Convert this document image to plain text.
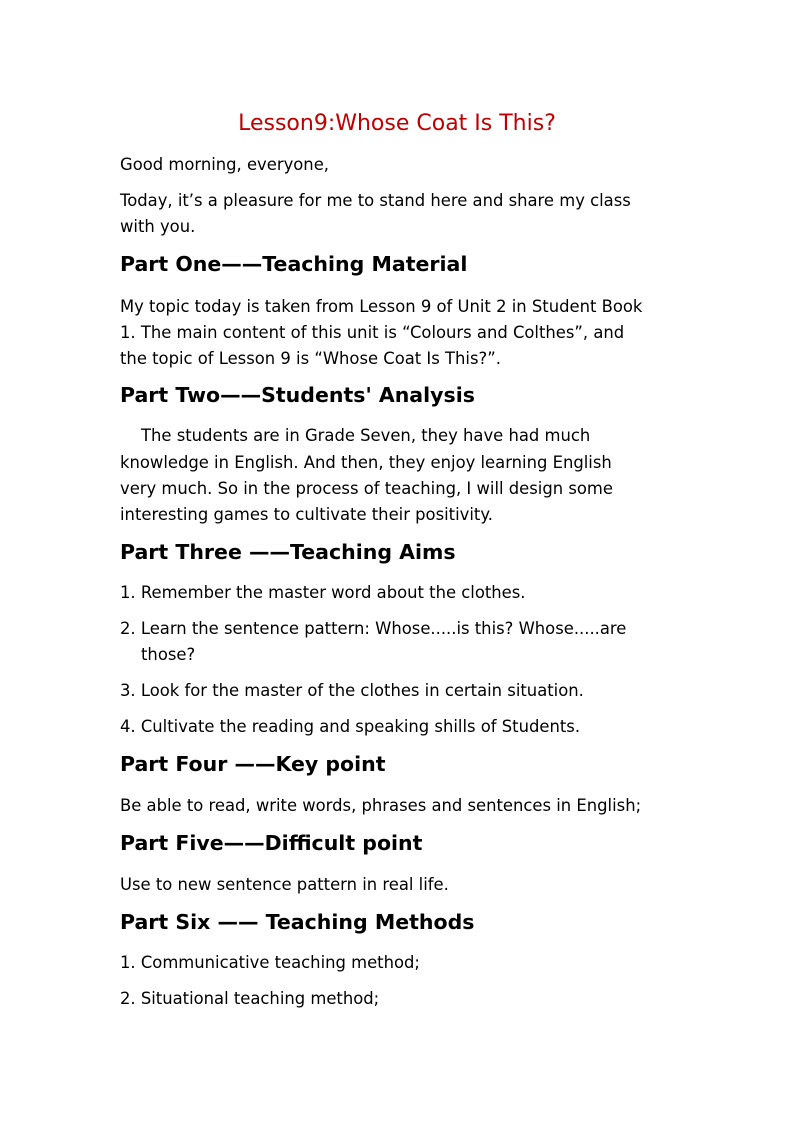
Lesson9:Whose Coat Is This?
Good morning, everyone,
Today, it’s a pleasure for me to stand here and share my class
with you.
Part One——Teaching Material
My topic today is taken from Lesson 9 of Unit 2 in Student Book
1. The main content of this unit is “Colours and Colthes”, and
the topic of Lesson 9 is “Whose Coat Is This?”.
Part Two——Students' Analysis
The students are in Grade Seven, they have had much
knowledge in English. And then, they enjoy learning English
very much. So in the process of teaching, I will design some
interesting games to cultivate their positivity.
Part Three ——Teaching Aims
1. Remember the master word about the clothes.
2. Learn the sentence pattern: Whose.....is this? Whose.....are
those?
3. Look for the master of the clothes in certain situation.
4. Cultivate the reading and speaking shills of Students.
Part Four ——Key point
Be able to read, write words, phrases and sentences in English;
Part Five——Difficult point
Use to new sentence pattern in real life.
Part Six —— Teaching Methods
1. Communicative teaching method;
2. Situational teaching method;
